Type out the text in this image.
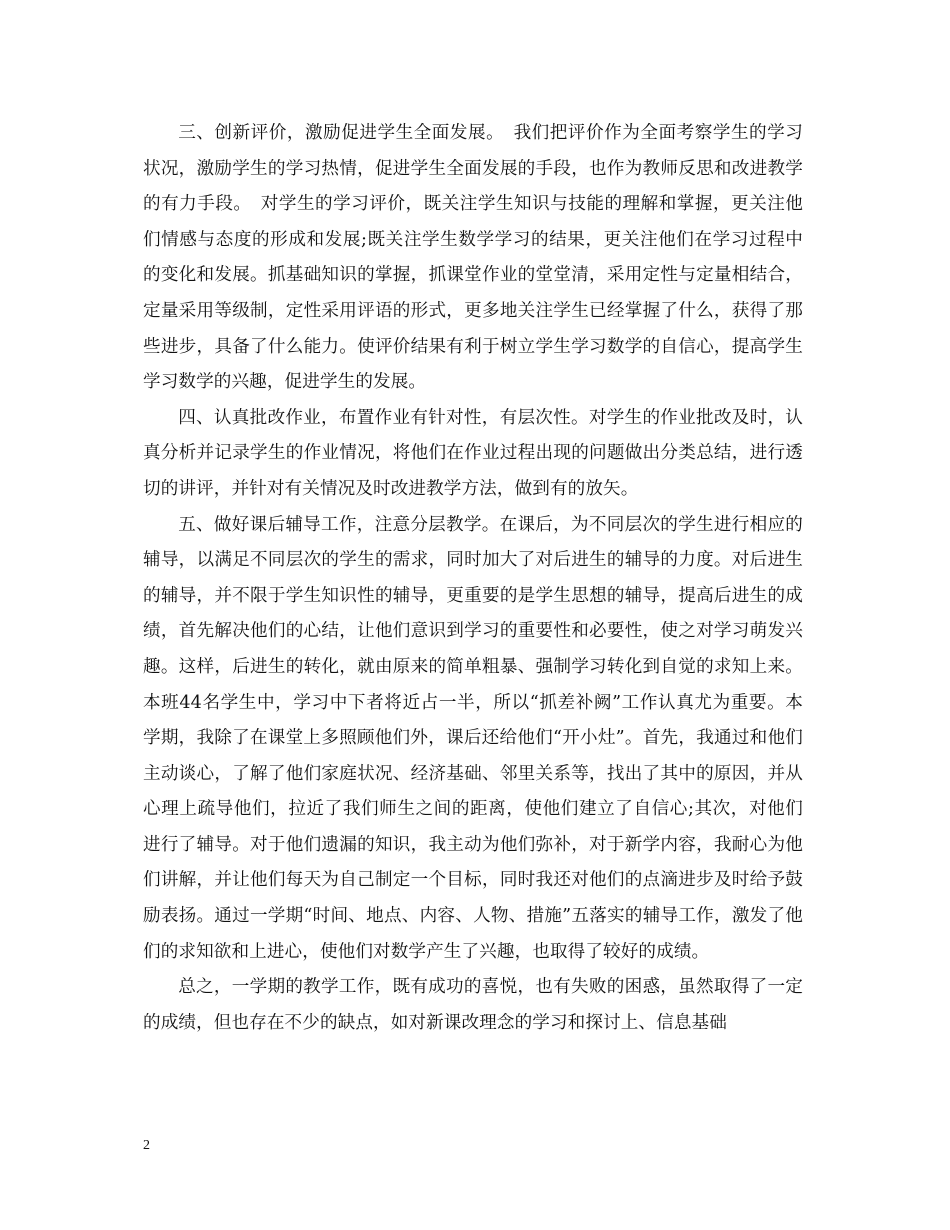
三、创新评价，激励促进学生全面发展。　我们把评价作为全面考察学生的学习状况，激励学生的学习热情，促进学生全面发展的手段，也作为教师反思和改进教学的有力手段。　对学生的学习评价，既关注学生知识与技能的理解和掌握，更关注他们情感与态度的形成和发展;既关注学生数学学习的结果，更关注他们在学习过程中的变化和发展。抓基础知识的掌握，抓课堂作业的堂堂清，采用定性与定量相结合，定量采用等级制，定性采用评语的形式，更多地关注学生已经掌握了什么，获得了那些进步，具备了什么能力。使评价结果有利于树立学生学习数学的自信心，提高学生学习数学的兴趣，促进学生的发展。

四、认真批改作业，布置作业有针对性，有层次性。对学生的作业批改及时，认真分析并记录学生的作业情况，将他们在作业过程出现的问题做出分类总结，进行透切的讲评，并针对有关情况及时改进教学方法，做到有的放矢。

五、做好课后辅导工作，注意分层教学。在课后，为不同层次的学生进行相应的辅导，以满足不同层次的学生的需求，同时加大了对后进生的辅导的力度。对后进生的辅导，并不限于学生知识性的辅导，更重要的是学生思想的辅导，提高后进生的成绩，首先解决他们的心结，让他们意识到学习的重要性和必要性，使之对学习萌发兴趣。这样，后进生的转化，就由原来的简单粗暴、强制学习转化到自觉的求知上来。本班44名学生中，学习中下者将近占一半，所以“抓差补阙”工作认真尤为重要。本学期，我除了在课堂上多照顾他们外，课后还给他们“开小灶”。首先，我通过和他们主动谈心，了解了他们家庭状况、经济基础、邻里关系等，找出了其中的原因，并从心理上疏导他们，拉近了我们师生之间的距离，使他们建立了自信心;其次，对他们进行了辅导。对于他们遗漏的知识，我主动为他们弥补，对于新学内容，我耐心为他们讲解，并让他们每天为自己制定一个目标，同时我还对他们的点滴进步及时给予鼓励表扬。通过一学期“时间、地点、内容、人物、措施”五落实的辅导工作，激发了他们的求知欲和上进心，使他们对数学产生了兴趣，也取得了较好的成绩。

总之，一学期的教学工作，既有成功的喜悦，也有失败的困惑，虽然取得了一定的成绩，但也存在不少的缺点，如对新课改理念的学习和探讨上、信息基础

2
